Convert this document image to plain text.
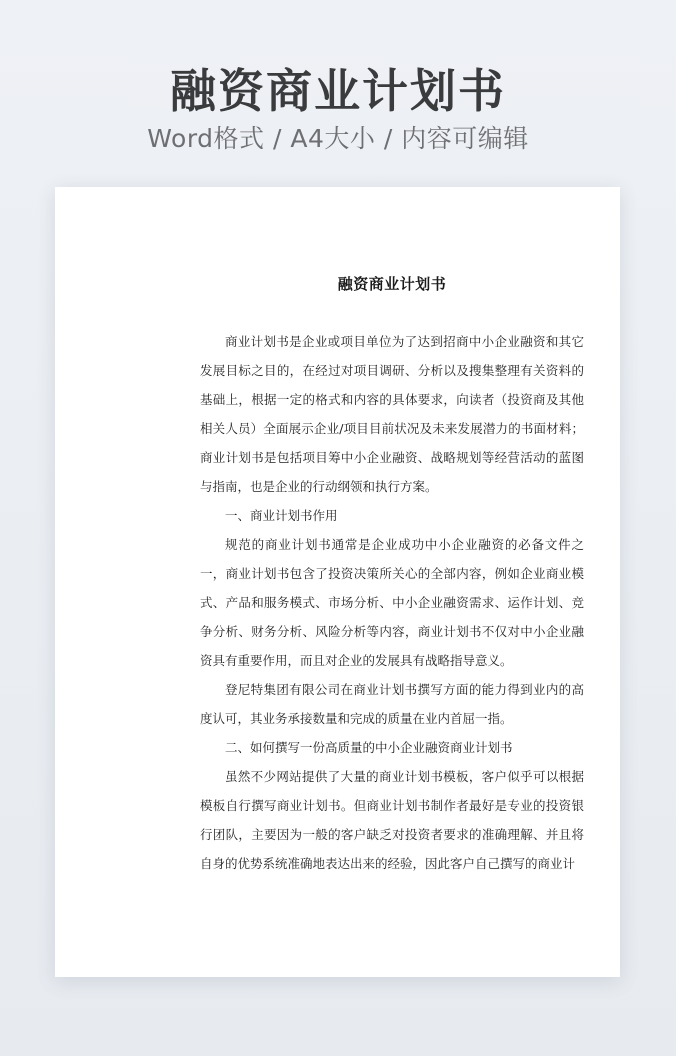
融资商业计划书
Word格式 / A4大小 / 内容可编辑
融资商业计划书

商业计划书是企业或项目单位为了达到招商中小企业融资和其它发展目标之目的，在经过对项目调研、分析以及搜集整理有关资料的基础上，根据一定的格式和内容的具体要求，向读者（投资商及其他相关人员）全面展示企业/项目目前状况及未来发展潜力的书面材料；商业计划书是包括项目筹中小企业融资、战略规划等经营活动的蓝图与指南，也是企业的行动纲领和执行方案。

一、商业计划书作用

规范的商业计划书通常是企业成功中小企业融资的必备文件之一，商业计划书包含了投资决策所关心的全部内容，例如企业商业模式、产品和服务模式、市场分析、中小企业融资需求、运作计划、竞争分析、财务分析、风险分析等内容，商业计划书不仅对中小企业融资具有重要作用，而且对企业的发展具有战略指导意义。

登尼特集团有限公司在商业计划书撰写方面的能力得到业内的高度认可，其业务承接数量和完成的质量在业内首屈一指。

二、如何撰写一份高质量的中小企业融资商业计划书

虽然不少网站提供了大量的商业计划书模板，客户似乎可以根据模板自行撰写商业计划书。但商业计划书制作者最好是专业的投资银行团队，主要因为一般的客户缺乏对投资者要求的准确理解、并且将自身的优势系统准确地表达出来的经验，因此客户自己撰写的商业计
